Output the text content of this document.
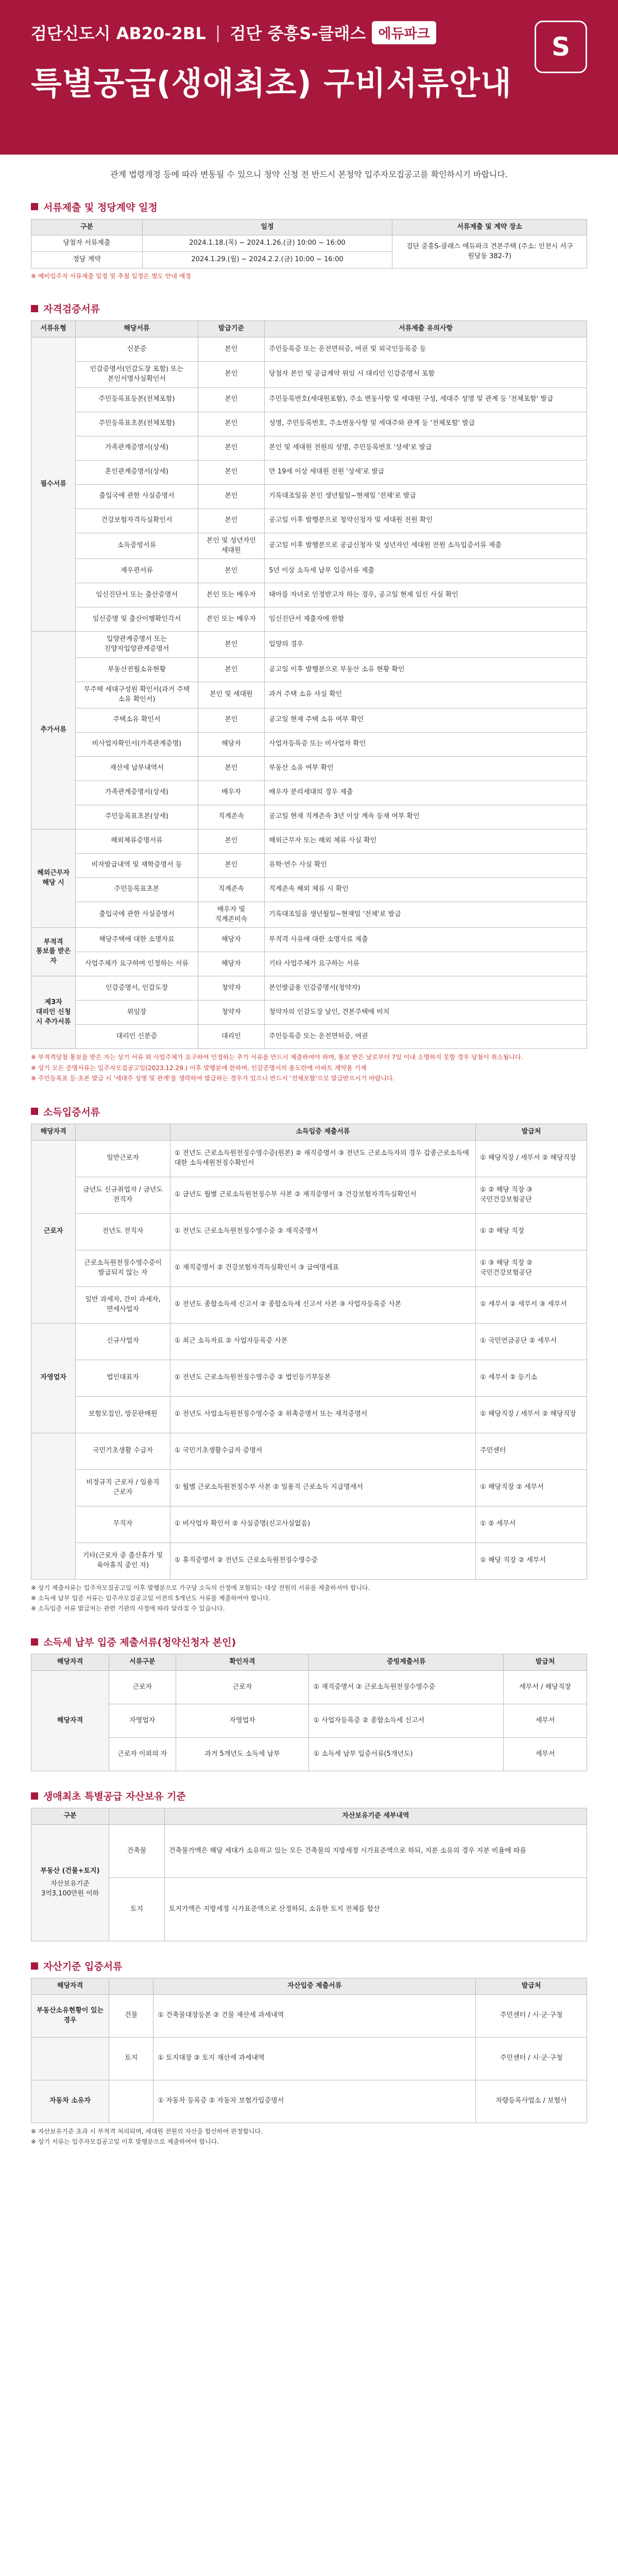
검단신도시 AB20-2BL | 검단 중흥S-클래스 에듀파크
특별공급(생애최초) 구비서류안내
S
관계 법령개정 등에 따라 변동될 수 있으니 청약 신청 전 반드시 본청약 입주자모집공고를 확인하시기 바랍니다.
서류제출 및 정당계약 일정
구분	일정	서류제출 및 계약 장소
당첨자 서류제출	2024.1.18.(목) ~ 2024.1.26.(금) 10:00 ~ 16:00	검단 중흥S-클래스 에듀파크 견본주택 (주소: 인천시 서구 원당동 382-7)
정당 계약	2024.1.29.(월) ~ 2024.2.2.(금) 10:00 ~ 16:00	
※ 예비입주자 서류제출 일정 및 추첨 일정은 별도 안내 예정
자격검증서류
서류유형	해당서류	발급기준	서류제출 유의사항
필수서류	신분증	본인	주민등록증 또는 운전면허증, 여권 및 외국인등록증 등
	인감증명서(인감도장 포함) 또는 본인서명사실확인서	본인	당첨자 본인 및 공급계약 위임 시 대리인 인감증명서 포함
	주민등록표등본(전체포함)	본인	주민등록번호(세대원포함), 주소 변동사항 및 세대원 구성, 세대주 성명 및 관계 등 '전체포함' 발급
	주민등록표초본(전체포함)	본인	성명, 주민등록번호, 주소변동사항 및 세대주와 관계 등 '전체포함' 발급
	가족관계증명서(상세)	본인	본인 및 세대원 전원의 성명, 주민등록번호 '상세'로 발급
	혼인관계증명서(상세)	본인	만 19세 이상 세대원 전원 '상세'로 발급
	출입국에 관한 사실증명서	본인	기록대조일을 본인 생년월일~현재일 '전체'로 발급
	건강보험자격득실확인서	본인	공고일 이후 발행분으로 청약신청자 및 세대원 전원 확인
	소득증빙서류	본인 및 성년자인 세대원	공고일 이후 발행분으로 공급신청자 및 성년자인 세대원 전원 소득입증서류 제출
	재우편서류	본인	5년 이상 소득세 납부 입증서류 제출
	임신진단서 또는 출산증명서	본인 또는 배우자	태아를 자녀로 인정받고자 하는 경우, 공고일 현재 임신 사실 확인
	임신증명 및 출산이행확인각서	본인 또는 배우자	임신진단서 제출자에 한함
추가서류	입양관계증명서 또는 친양자입양관계증명서	본인	입양의 경우
	부동산전월소유현황	본인	공고일 이후 발행분으로 부동산 소유 현황 확인
	무주택 세대구성원 확인서(과거 주택 소유 확인서)	본인 및 세대원	과거 주택 소유 사실 확인
	주택소유 확인서	본인	공고일 현재 주택 소유 여부 확인
	비사업자확인서(가족관계증명)	해당자	사업자등록증 또는 비사업자 확인
	재산세 납부내역서	본인	부동산 소유 여부 확인
	가족관계증명서(상세)	배우자	배우자 분리세대의 경우 제출
	주민등록표초본(상세)	직계존속	공고일 현재 직계존속 3년 이상 계속 등재 여부 확인
해외근무자 해당 시	해외체류증명서류	본인	해외근무자 또는 해외 체류 사실 확인
	비자발급내역 및 재학증명서 등	본인	유학·연수 사실 확인
	주민등록표초본	직계존속	직계존속 해외 체류 시 확인
	출입국에 관한 사실증명서	배우자 및 직계존비속	기록대조일을 생년월일~현재일 '전체'로 발급
부적격 통보를 받은 자	해당주택에 대한 소명자료	해당자	부적격 사유에 대한 소명자료 제출
	사업주체가 요구하여 인정하는 서류	해당자	기타 사업주체가 요구하는 서류
제3자 대리인 신청 시 추가서류	인감증명서, 인감도장	청약자	본인발급용 인감증명서(청약자)
	위임장	청약자	청약자의 인감도장 날인, 견본주택에 비치
	대리인 신분증	대리인	주민등록증 또는 운전면허증, 여권
※ 부적격당첨 통보를 받은 자는 상기 서류 외 사업주체가 요구하여 인정하는 추가 서류를 반드시 제출하여야 하며, 통보 받은 날로부터 7일 이내 소명하지 못할 경우 당첨이 취소됩니다.
※ 상기 모든 증명서류는 입주자모집공고일(2023.12.29.) 이후 발행분에 한하며, 인감증명서의 용도란에 아파트 계약용 기재
※ 주민등록표 등·초본 발급 시 '세대주 성명 및 관계'를 생략하여 발급하는 경우가 있으니 반드시 '전체포함'으로 발급받으시기 바랍니다.
소득입증서류
해당자격		소득입증 제출서류	발급처
근로자	일반근로자	① 전년도 근로소득원천징수영수증(원본) ② 재직증명서 ③ 전년도 근로소득자의 경우 갑종근로소득에 대한 소득세원천징수확인서	① 해당직장 / 세무서 ② 해당직장
	금년도 신규취업자 / 금년도 전직자	① 금년도 월별 근로소득원천징수부 사본 ② 재직증명서 ③ 건강보험자격득실확인서	① ② 해당 직장 ③ 국민건강보험공단
	전년도 전직자	① 전년도 근로소득원천징수영수증 ② 재직증명서	① ② 해당 직장
	근로소득원천징수영수증이 발급되지 않는 자	① 재직증명서 ② 건강보험자격득실확인서 ③ 급여명세표	① ③ 해당 직장 ② 국민건강보험공단
	일반 과세자, 간이 과세자, 면세사업자	① 전년도 종합소득세 신고서 ② 종합소득세 신고서 사본 ③ 사업자등록증 사본	① 세무서 ② 세무서 ③ 세무서
자영업자	신규사업자	① 최근 소득자료 ② 사업자등록증 사본	① 국민연금공단 ② 세무서
	법인대표자	① 전년도 근로소득원천징수영수증 ② 법인등기부등본	① 세무서 ② 등기소
	보험모집인, 방문판매원	① 전년도 사업소득원천징수영수증 ② 위촉증명서 또는 재직증명서	① 해당직장 / 세무서 ② 해당직장
	국민기초생활 수급자	① 국민기초생활수급자 증명서	주민센터
	비정규직 근로자 / 일용직 근로자	① 월별 근로소득원천징수부 사본 ② 일용직 근로소득 지급명세서	① 해당직장 ② 세무서
	무직자	① 비사업자 확인서 ② 사실증명(신고사실없음)	① ② 세무서
	기타(근로자 중 출산휴가 및 육아휴직 중인 자)	① 휴직증명서 ② 전년도 근로소득원천징수영수증	① 해당 직장 ② 세무서
※ 상기 제출서류는 입주자모집공고일 이후 발행분으로 가구당 소득의 산정에 포함되는 대상 전원의 서류를 제출하셔야 합니다.
※ 소득세 납부 입증 서류는 입주자모집공고일 이전의 5개년도 서류를 제출하여야 합니다.
※ 소득입증 서류 발급처는 관련 기관의 사정에 따라 달라질 수 있습니다.
소득세 납부 입증 제출서류(청약신청자 본인)
해당자격	서류구분	확인자격	증빙제출서류	발급처
해당자격	근로자	근로자	① 재직증명서 ② 근로소득원천징수영수증	세무서 / 해당직장
	자영업자	자영업자	① 사업자등록증 ② 종합소득세 신고서	세무서
	근로자 이외의 자	과거 5개년도 소득세 납부	① 소득세 납부 입증서류(5개년도)	세무서
생애최초 특별공급 자산보유 기준
구분		자산보유기준 세부내역

부동산 (건물+토지)
자산보유기준 3억3,100만원 이하	건축물	건축물가액은 해당 세대가 소유하고 있는 모든 건축물의 지방세정 시가표준액으로 하되, 지분 소유의 경우 지분 비율에 따름
	토지	토지가액은 지방세정 시가표준액으로 산정하되, 소유한 토지 전체를 합산
자산기준 입증서류
해당자격		자산입증 제출서류	발급처
부동산소유현황이 있는 경우	건물	① 건축물대장등본 ② 건물 재산세 과세내역	주민센터 / 시·군·구청
	토지	① 토지대장 ② 토지 재산세 과세내역	주민센터 / 시·군·구청
자동차 소유자		① 자동차 등록증 ② 자동차 보험가입증명서	차량등록사업소 / 보험사
※ 자산보유기준 초과 시 부적격 처리되며, 세대원 전원의 자산을 합산하여 판정합니다.
※ 상기 서류는 입주자모집공고일 이후 발행분으로 제출하여야 합니다.
